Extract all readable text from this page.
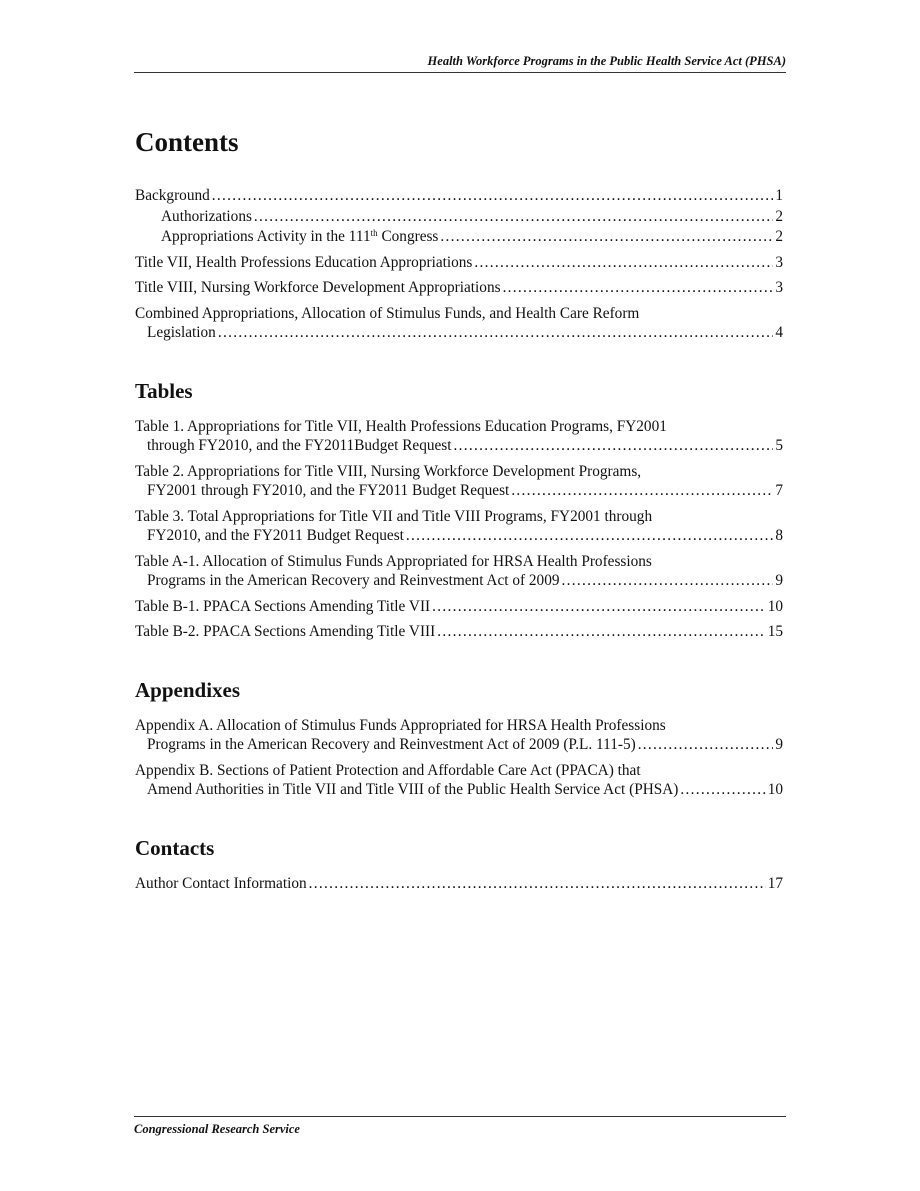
Health Workforce Programs in the Public Health Service Act (PHSA)
Contents
Background .....	1
Authorizations .....	2
Appropriations Activity in the 111th Congress .....	2
Title VII, Health Professions Education Appropriations .....	3
Title VIII, Nursing Workforce Development Appropriations .....	3
Combined Appropriations, Allocation of Stimulus Funds, and Health Care Reform
Legislation .....	4
Tables
Table 1. Appropriations for Title VII, Health Professions Education Programs, FY2001
through FY2010, and the FY2011Budget Request .....	5
Table 2. Appropriations for Title VIII, Nursing Workforce Development Programs,
FY2001 through FY2010, and the FY2011 Budget Request .....	7
Table 3. Total Appropriations for Title VII and Title VIII Programs, FY2001 through
FY2010, and the FY2011 Budget Request .....	8
Table A-1. Allocation of Stimulus Funds Appropriated for HRSA Health Professions
Programs in the American Recovery and Reinvestment Act of 2009 .....	9
Table B-1. PPACA Sections Amending Title VII .....	10
Table B-2. PPACA Sections Amending Title VIII .....	15
Appendixes
Appendix A. Allocation of Stimulus Funds Appropriated for HRSA Health Professions
Programs in the American Recovery and Reinvestment Act of 2009 (P.L. 111-5) .....	9
Appendix B. Sections of Patient Protection and Affordable Care Act (PPACA) that
Amend Authorities in Title VII and Title VIII of the Public Health Service Act (PHSA) .....	10
Contacts
Author Contact Information .....	17
Congressional Research Service
